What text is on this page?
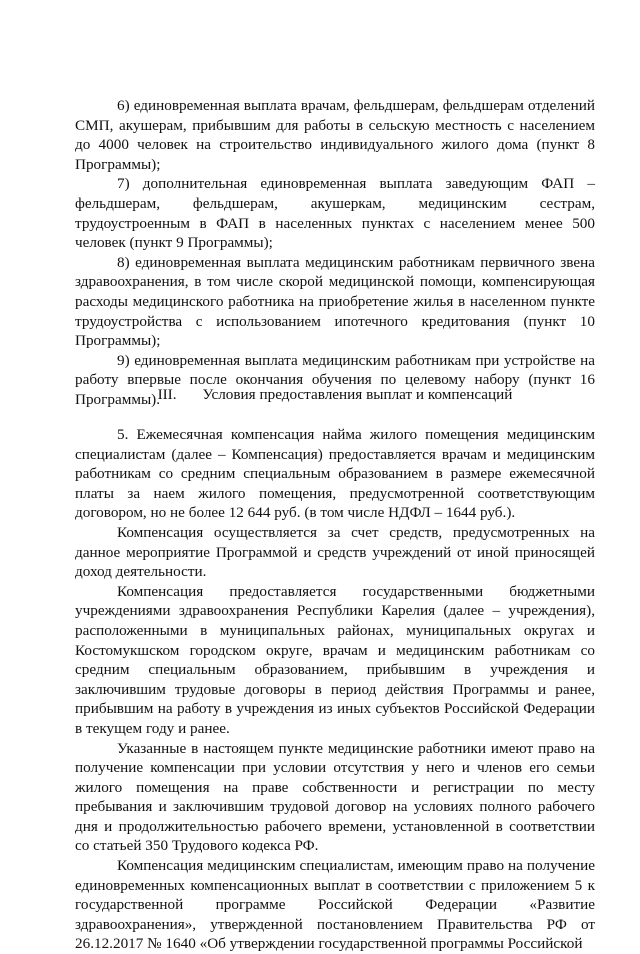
6) единовременная выплата врачам, фельдшерам, фельдшерам отделений СМП, акушерам, прибывшим для работы в сельскую местность с населением до 4000 человек на строительство индивидуального жилого дома (пункт 8 Программы);

7) дополнительная единовременная выплата заведующим ФАП – фельдшерам, фельдшерам, акушеркам, медицинским сестрам, трудоустроенным в ФАП в населенных пунктах с населением менее 500 человек (пункт 9 Программы);

8) единовременная выплата медицинским работникам первичного звена здравоохранения, в том числе скорой медицинской помощи, компенсирующая расходы медицинского работника на приобретение жилья в населенном пункте трудоустройства с использованием ипотечного кредитования (пункт 10 Программы);

9) единовременная выплата медицинским работникам при устройстве на работу впервые после окончания обучения по целевому набору (пункт 16 Программы).

III. Условия предоставления выплат и компенсаций

5. Ежемесячная компенсация найма жилого помещения медицинским специалистам (далее – Компенсация) предоставляется врачам и медицинским работникам со средним специальным образованием в размере ежемесячной платы за наем жилого помещения, предусмотренной соответствующим договором, но не более 12 644 руб. (в том числе НДФЛ – 1644 руб.).

Компенсация осуществляется за счет средств, предусмотренных на данное мероприятие Программой и средств учреждений от иной приносящей доход деятельности.

Компенсация предоставляется государственными бюджетными учреждениями здравоохранения Республики Карелия (далее – учреждения), расположенными в муниципальных районах, муниципальных округах и Костомукшском городском округе, врачам и медицинским работникам со средним специальным образованием, прибывшим в учреждения и заключившим трудовые договоры в период действия Программы и ранее, прибывшим на работу в учреждения из иных субъектов Российской Федерации в текущем году и ранее.

Указанные в настоящем пункте медицинские работники имеют право на получение компенсации при условии отсутствия у него и членов его семьи жилого помещения на праве собственности и регистрации по месту пребывания и заключившим трудовой договор на условиях полного рабочего дня и продолжительностью рабочего времени, установленной в соответствии со статьей 350 Трудового кодекса РФ.

Компенсация медицинским специалистам, имеющим право на получение единовременных компенсационных выплат в соответствии с приложением 5 к государственной программе Российской Федерации «Развитие здравоохранения», утвержденной постановлением Правительства РФ от 26.12.2017 № 1640 «Об утверждении государственной программы Российской
